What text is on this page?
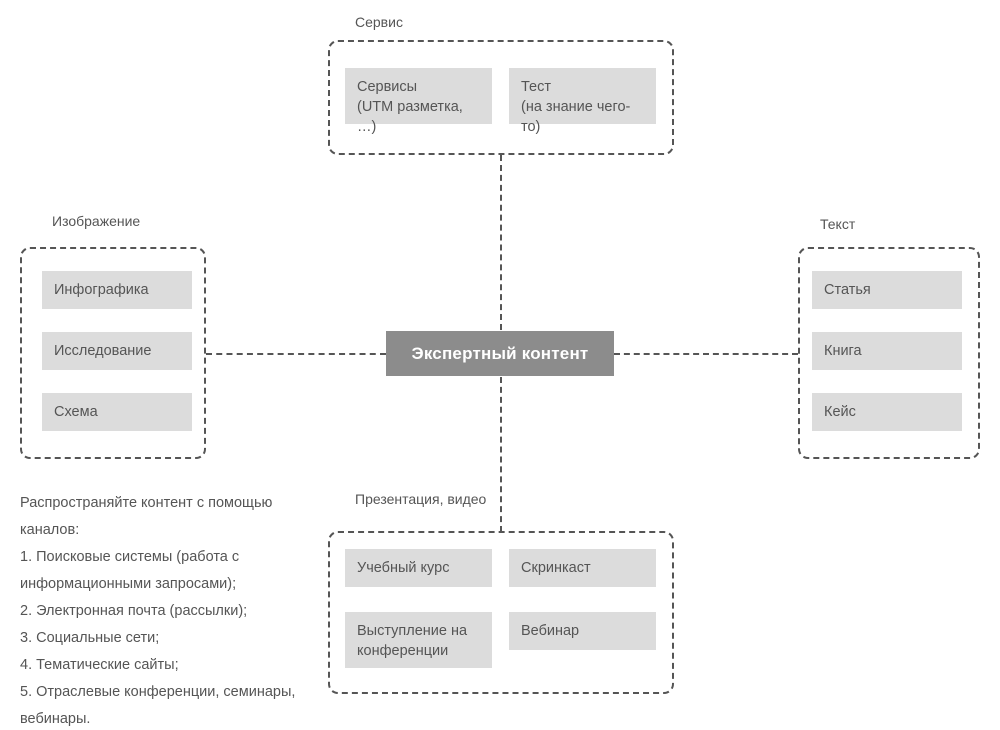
Сервис
Сервисы
(UTM разметка, …)
Тест
(на знание чего-то)
Изображение
Инфографика
Исследование
Схема
Текст
Статья
Книга
Кейс
Презентация, видео
Учебный курс	Скринкаст
Выступление на
конференции
Вебинар
Экспертный контент
Распространяйте контент с помощью каналов:
1. Поисковые системы (работа с информационными запросами);
2. Электронная почта (рассылки);
3. Социальные сети;
4. Тематические сайты;
5. Отраслевые конференции, семинары, вебинары.
